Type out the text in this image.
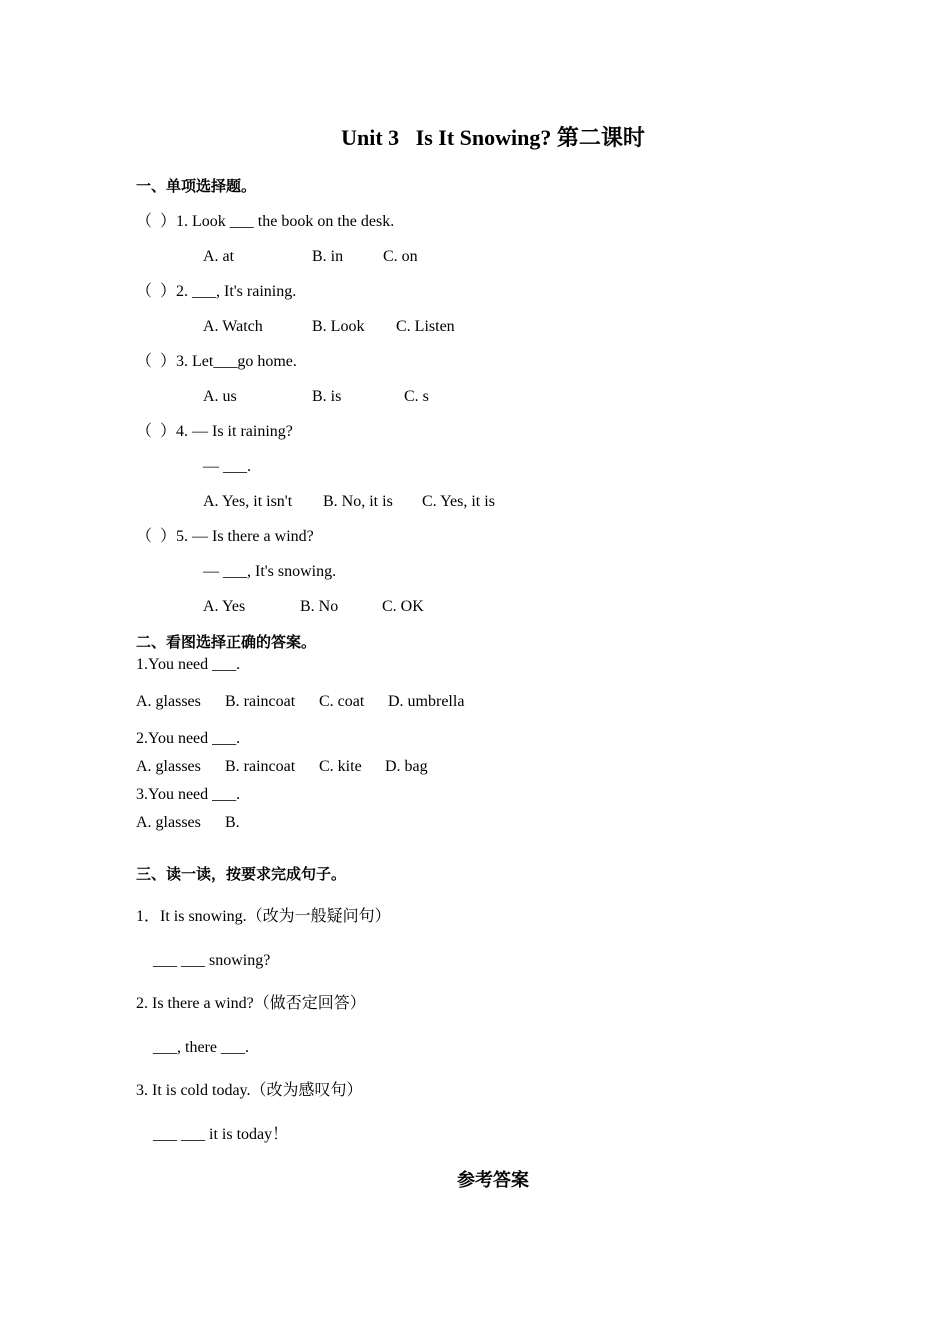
Unit 3   Is It Snowing? 第二课时
一、单项选择题。
（  ）1. Look ___ the book on the desk.
A. at	B. in C. on
（  ）2. ___, It's raining.
A. Watch	B. Look C. Listen
（  ）3. Let___go home.
A. us	B. is	C. s
（  ）4. — Is it raining?
— ___.
A. Yes, it isn't B. No, it is C. Yes, it is
（  ）5. — Is there a wind?
— ___, It's snowing.
A. Yes	B. No	C. OK
二、看图选择正确的答案。
1.You need ___.
A. glasses B. raincoat C. coat D. umbrella
2.You need ___.
A. glasses B. raincoat C. kite D. bag
3.You need ___.
A. glasses B.
三、读一读，按要求完成句子。
1．It is snowing.（改为一般疑问句）
___ ___ snowing?
2. Is there a wind?（做否定回答）
___, there ___.
3. It is cold today.（改为感叹句）
___ ___ it is today！
参考答案
